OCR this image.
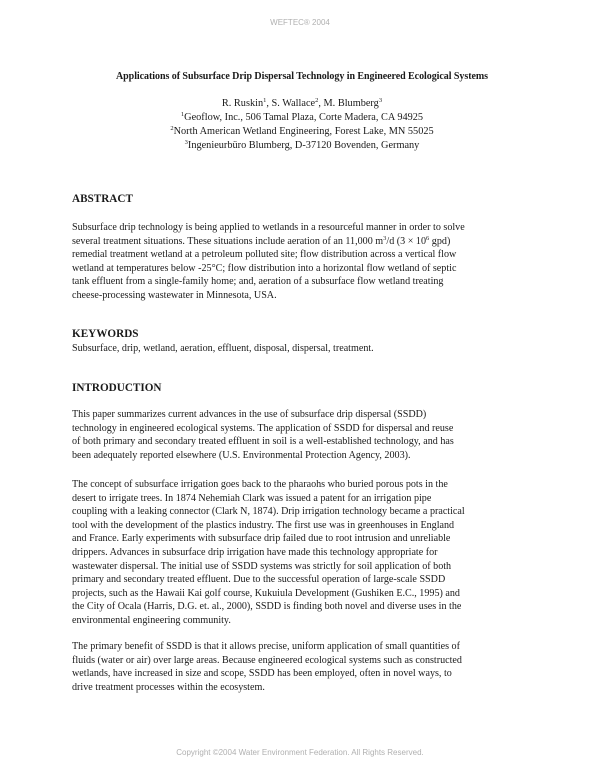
WEFTEC® 2004
Applications of Subsurface Drip Dispersal Technology in Engineered Ecological Systems
R. Ruskin$^1$, S. Wallace$^2$, M. Blumberg$^3$
$^1$Geoflow, Inc., 506 Tamal Plaza, Corte Madera, CA 94925
$^2$North American Wetland Engineering, Forest Lake, MN 55025
$^3$Ingenieurbüro Blumberg, D-37120 Bovenden, Germany
ABSTRACT
Subsurface drip technology is being applied to wetlands in a resourceful manner in order to solve
several treatment situations. These situations include aeration of an 11,000 $m^3/d$ ($3 \times 10^6$ gpd)
remedial treatment wetland at a petroleum polluted site; flow distribution across a vertical flow
wetland at temperatures below -25°C; flow distribution into a horizontal flow wetland of septic
tank effluent from a single-family home; and, aeration of a subsurface flow wetland treating
cheese-processing wastewater in Minnesota, USA.
KEYWORDS
Subsurface, drip, wetland, aeration, effluent, disposal, dispersal, treatment.
INTRODUCTION
This paper summarizes current advances in the use of subsurface drip dispersal (SSDD)
technology in engineered ecological systems. The application of SSDD for dispersal and reuse
of both primary and secondary treated effluent in soil is a well-established technology, and has
been adequately reported elsewhere (U.S. Environmental Protection Agency, 2003).
The concept of subsurface irrigation goes back to the pharaohs who buried porous pots in the
desert to irrigate trees. In 1874 Nehemiah Clark was issued a patent for an irrigation pipe
coupling with a leaking connector (Clark N, 1874). Drip irrigation technology became a practical
tool with the development of the plastics industry. The first use was in greenhouses in England
and France. Early experiments with subsurface drip failed due to root intrusion and unreliable
drippers. Advances in subsurface drip irrigation have made this technology appropriate for
wastewater dispersal. The initial use of SSDD systems was strictly for soil application of both
primary and secondary treated effluent. Due to the successful operation of large-scale SSDD
projects, such as the Hawaii Kai golf course, Kukuiula Development (Gushiken E.C., 1995) and
the City of Ocala (Harris, D.G. et. al., 2000), SSDD is finding both novel and diverse uses in the
environmental engineering community.
The primary benefit of SSDD is that it allows precise, uniform application of small quantities of
fluids (water or air) over large areas. Because engineered ecological systems such as constructed
wetlands, have increased in size and scope, SSDD has been employed, often in novel ways, to
drive treatment processes within the ecosystem.
Copyright ©2004 Water Environment Federation. All Rights Reserved.
